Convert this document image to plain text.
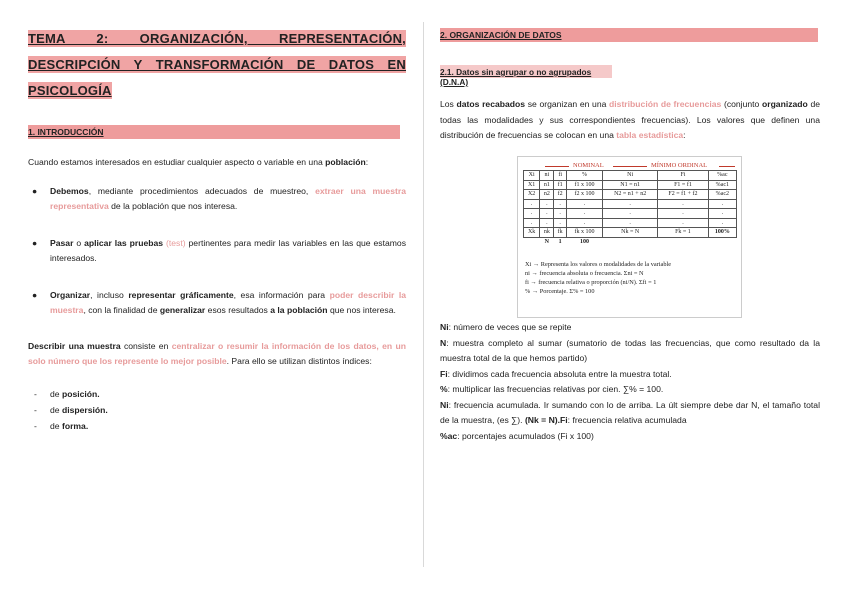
TEMA 2: ORGANIZACIÓN, REPRESENTACIÓN, DESCRIPCIÓN Y TRANSFORMACIÓN DE DATOS EN PSICOLOGÍA
1. INTRODUCCIÓN

Cuando estamos interesados en estudiar cualquier aspecto o variable en una población:

● Debemos, mediante procedimientos adecuados de muestreo, extraer una muestra representativa de la población que nos interesa.
● Pasar o aplicar las pruebas (test) pertinentes para medir las variables en las que estamos interesados.
● Organizar, incluso representar gráficamente, esa información para poder describir la muestra, con la finalidad de generalizar esos resultados a la población que nos interesa.

Describir una muestra consiste en centralizar o resumir la información de los datos, en un solo número que los represente lo mejor posible. Para ello se utilizan distintos índices:

- de posición.
- de dispersión.
- de forma.
2. ORGANIZACIÓN DE DATOS
2.1. Datos sin agrupar o no agrupados (D.N.A)

Los datos recabados se organizan en una distribución de frecuencias (conjunto organizado de todas las modalidades y sus correspondientes frecuencias). Los valores que definen una distribución de frecuencias se colocan en una tabla estadística:

NOMINAL	MÍNIMO ORDINAL
Xi	ni	fi	%	Ni	Fi	%ac
X1	n1	f1	f1 x 100	N1 = n1	F1 = f1	%ac1
X2	n2	f2	f2 x 100	N2 = n1 + n2	F2 = f1 + f2	%ac2
.	.	.	.	.	.	.
.	.	.	.	.	.	.
.	.	.	.	.	.	.
Xk	nk	fk	fk x 100	Nk = N	Fk = 1	100%
	N	1	100			
Xi → Representa los valores o modalidades de la variable
ni → frecuencia absoluta o frecuencia. Σni = N
fi → frecuencia relativa o proporción (ni/N). Σfi = 1
% → Porcentaje. Σ% = 100

Ni: número de veces que se repite

N: muestra completo al sumar (sumatorio de todas las frecuencias, que como resultado da la muestra total de la que hemos partido)

Fi: dividimos cada frecuencia absoluta entre la muestra total.

%: multiplicar las frecuencias relativas por cien. ∑% = 100.

Ni: frecuencia acumulada. Ir sumando con lo de arriba. La últ siempre debe dar N, el tamaño total de la muestra, (es ∑). (Nk = N).Fi: frecuencia relativa acumulada

%ac: porcentajes acumulados (Fi x 100)
